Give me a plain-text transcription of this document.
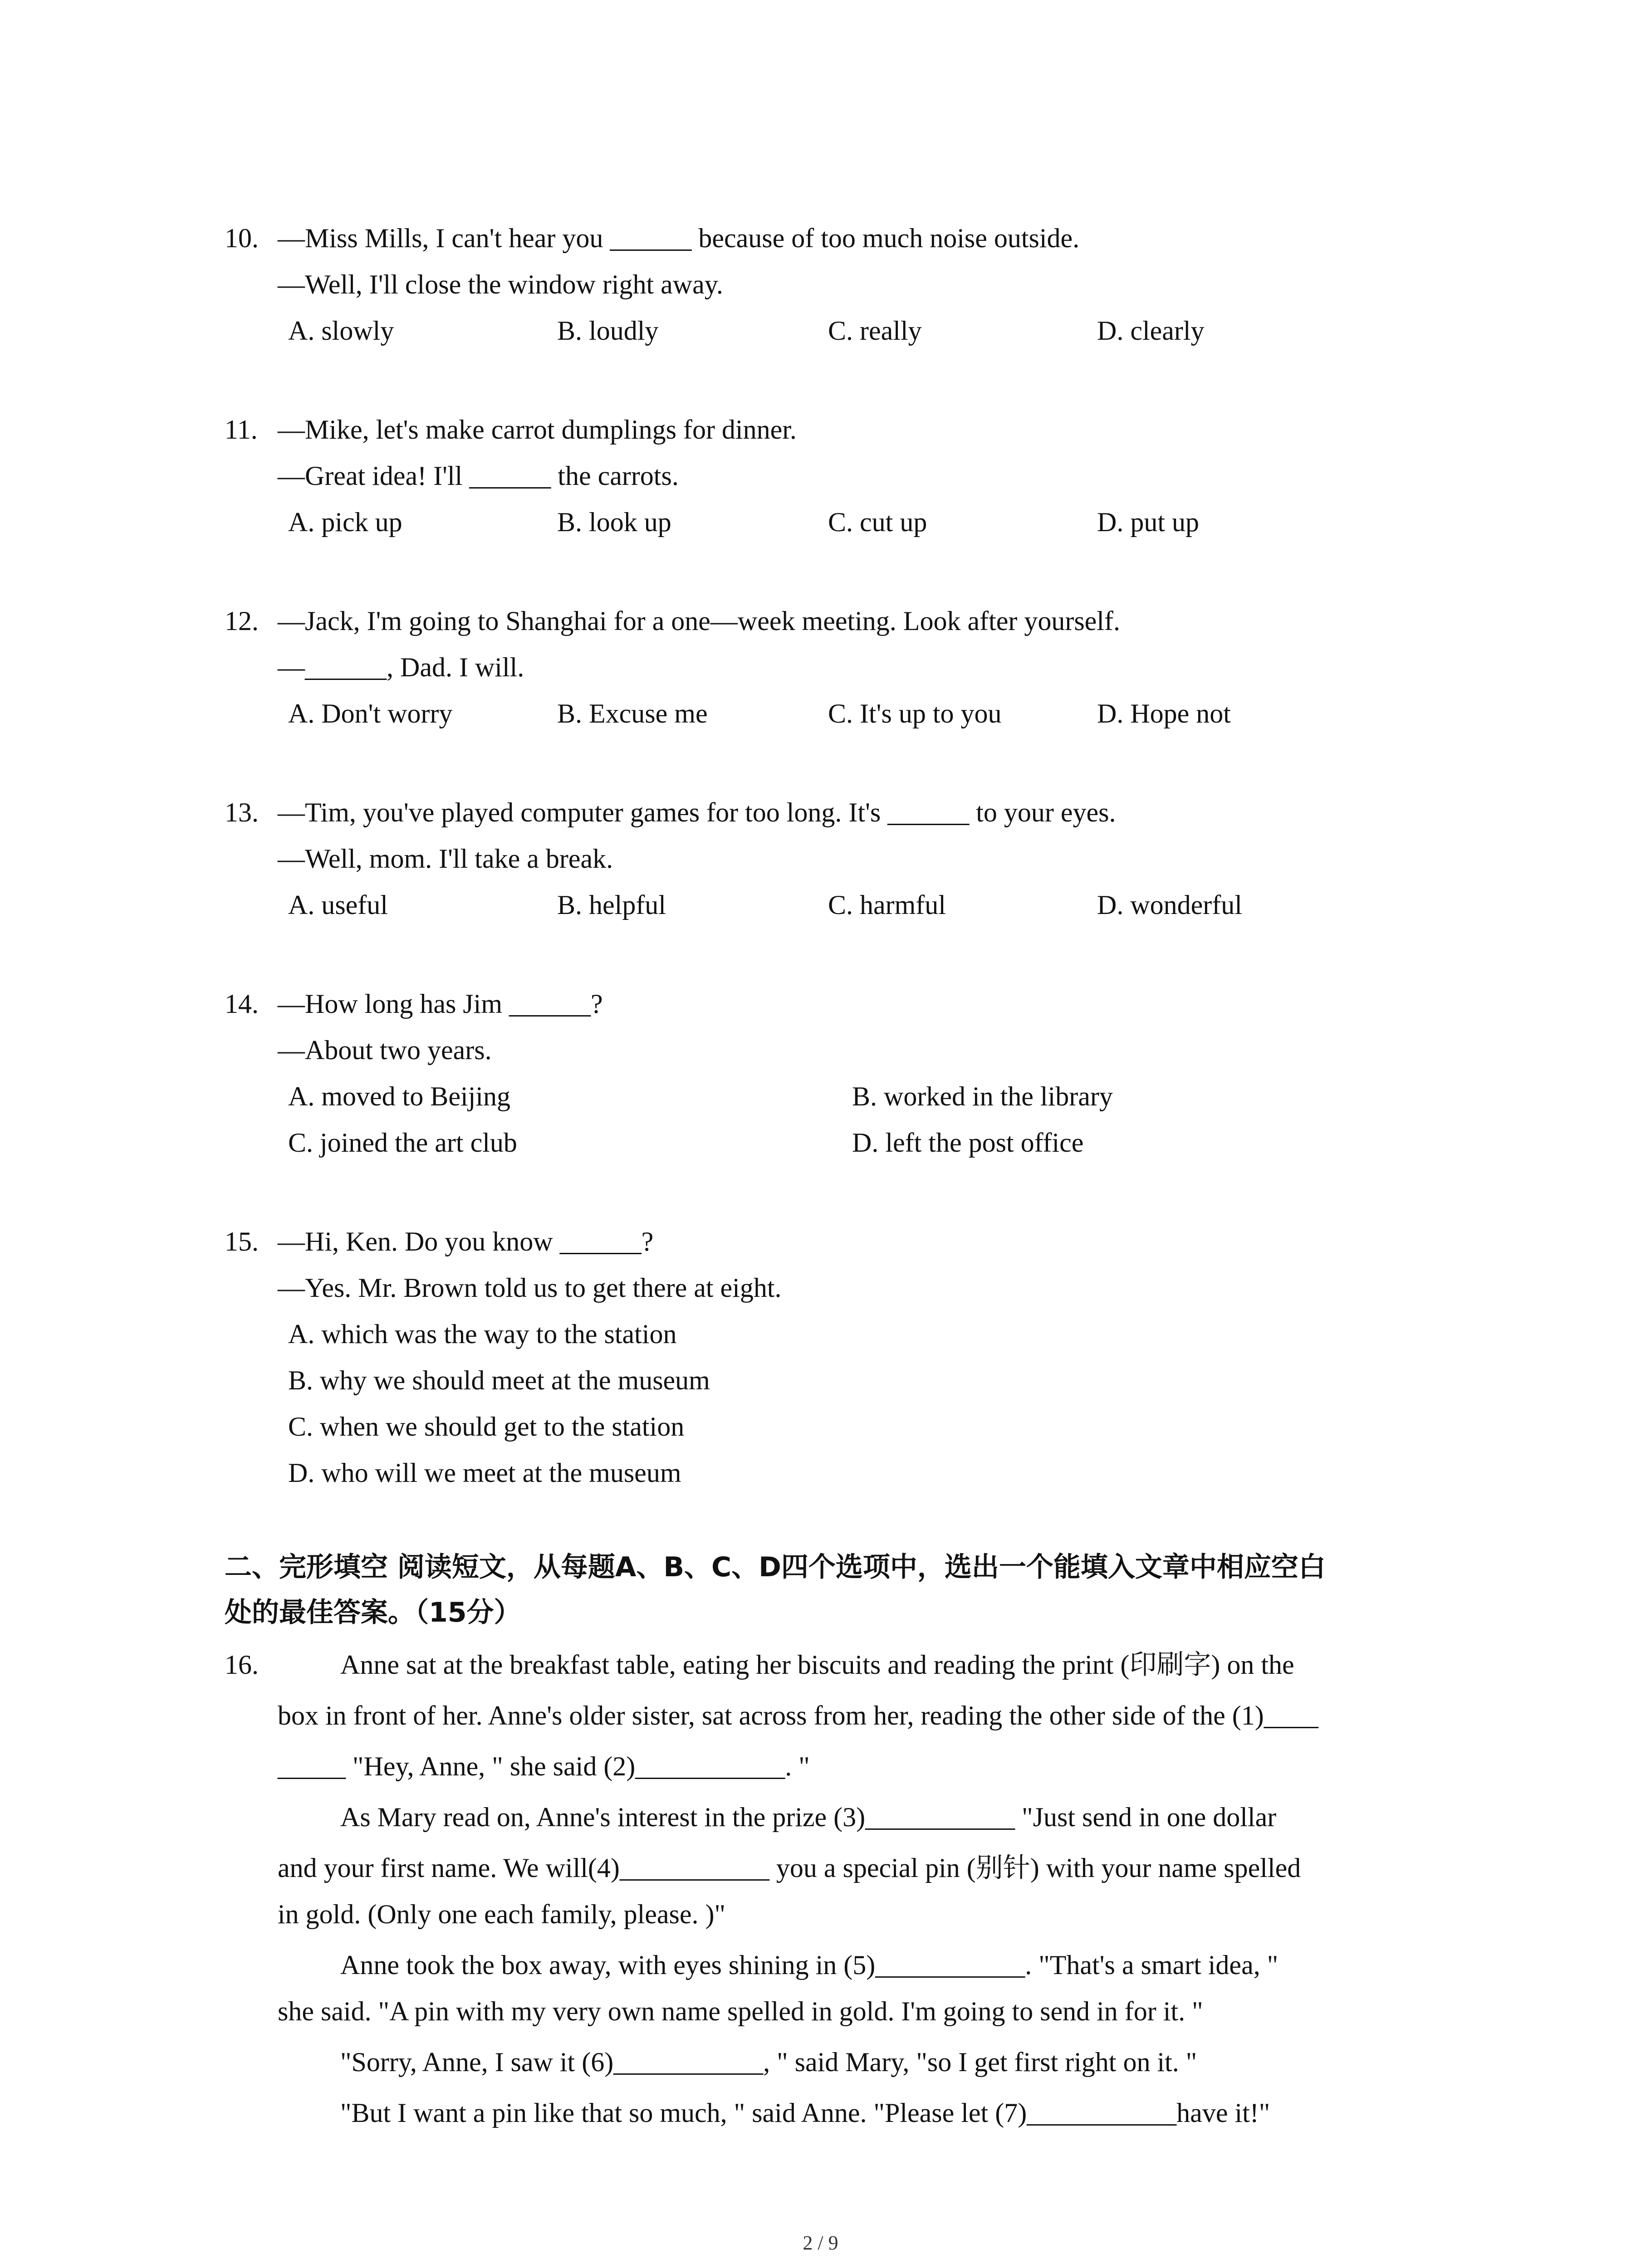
10. —Miss Mills, I can't hear you ______ because of too much noise outside.
—Well, I'll close the window right away.
A. slowly	B. loudly	C. really	D. clearly
11. —Mike, let's make carrot dumplings for dinner.
—Great idea! I'll ______ the carrots.
A. pick up	B. look up	C. cut up	D. put up
12. —Jack, I'm going to Shanghai for a one—week meeting. Look after yourself.
—______, Dad. I will.
A. Don't worry	B. Excuse me	C. It's up to you	D. Hope not
13. —Tim, you've played computer games for too long. It's ______ to your eyes.
—Well, mom. I'll take a break.
A. useful	B. helpful	C. harmful	D. wonderful
14. —How long has Jim ______?
—About two years.
A. moved to Beijing	B. worked in the library
C. joined the art club	D. left the post office
15. —Hi, Ken. Do you know ______?
—Yes. Mr. Brown told us to get there at eight.
A. which was the way to the station
B. why we should meet at the museum
C. when we should get to the station
D. who will we meet at the museum
二、完形填空 阅读短文，从每题A、B、C、D四个选项中，选出一个能填入文章中相应空白
处的最佳答案。（15分）
16.	Anne sat at the breakfast table, eating her biscuits and reading the print (印刷字) on the
box in front of her. Anne's older sister, sat across from her, reading the other side of the (1)____
_____ "Hey, Anne, " she said (2)___________. "
As Mary read on, Anne's interest in the prize (3)___________ "Just send in one dollar
and your first name. We will(4)___________ you a special pin (别针) with your name spelled
in gold. (Only one each family, please. )"
Anne took the box away, with eyes shining in (5)___________. "That's a smart idea, "
she said. "A pin with my very own name spelled in gold. I'm going to send in for it. "
"Sorry, Anne, I saw it (6)___________, " said Mary, "so I get first right on it. "
"But I want a pin like that so much, " said Anne. "Please let (7)___________have it!"
2 / 9
